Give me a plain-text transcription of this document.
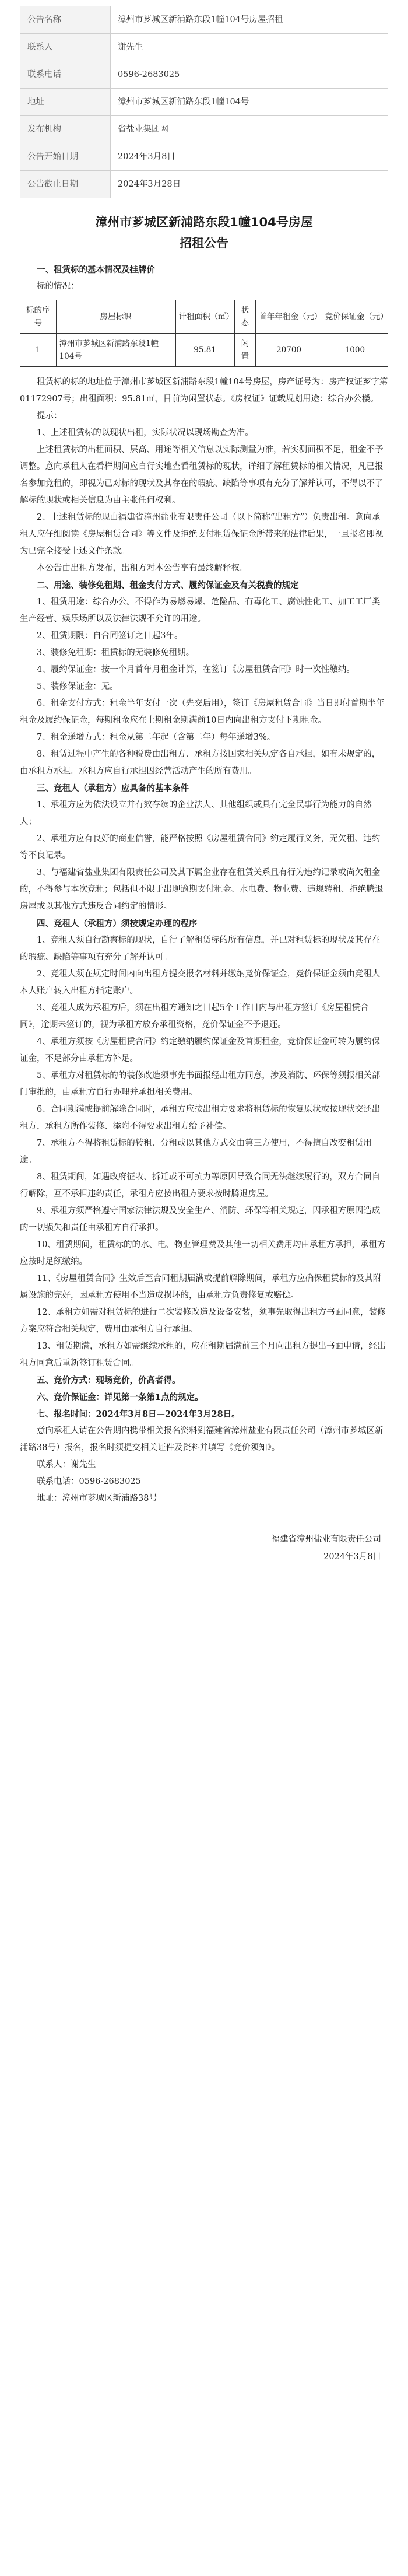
公告名称	漳州市芗城区新浦路东段1幢104号房屋招租
联系人	谢先生
联系电话	0596-2683025
地址	漳州市芗城区新浦路东段1幢104号
发布机构	省盐业集团网
公告开始日期	2024年3月8日
公告截止日期	2024年3月28日
漳州市芗城区新浦路东段1幢104号房屋
招租公告

一、租赁标的基本情况及挂牌价

标的情况：

标的序号	房屋标识	计租面积（㎡）	状态	首年年租金（元）	竞价保证金（元）
1	漳州市芗城区新浦路东段1幢104号	95.81	闲置	20700	1000

租赁标的标的地址位于漳州市芗城区新浦路东段1幢104号房屋，房产证号为：房产权证芗字第01172907号；出租面积：95.81㎡，目前为闲置状态。《房权证》证载规划用途：综合办公楼。

提示：

1、上述租赁标的以现状出租，实际状况以现场勘查为准。

上述租赁标的出租面积、层高、用途等相关信息以实际测量为准，若实测面积不足，租金不予调整。意向承租人在看样期间应自行实地查看租赁标的现状，详细了解租赁标的相关情况，凡已报名参加竞租的，即视为已对标的现状及其存在的瑕疵、缺陷等事项有充分了解并认可，不得以不了解标的现状或相关信息为由主张任何权利。

2、上述租赁标的现由福建省漳州盐业有限责任公司（以下简称“出租方”）负责出租。意向承租人应仔细阅读《房屋租赁合同》等文件及拒绝支付租赁保证金所带来的法律后果，一旦报名即视为已完全接受上述文件条款。

本公告由出租方发布，出租方对本公告享有最终解释权。

二、用途、装修免租期、租金支付方式、履约保证金及有关税费的规定

1、租赁用途：综合办公。不得作为易燃易爆、危险品、有毒化工、腐蚀性化工、加工工厂类生产经营、娱乐场所以及法律法规不允许的用途。

2、租赁期限：自合同签订之日起3年。

3、装修免租期：租赁标的无装修免租期。

4、履约保证金：按一个月首年月租金计算，在签订《房屋租赁合同》时一次性缴纳。

5、装修保证金：无。

6、租金支付方式：租金半年支付一次（先交后用），签订《房屋租赁合同》当日即付首期半年租金及履约保证金，每期租金应在上期租金期满前10日内向出租方支付下期租金。

7、租金递增方式：租金从第二年起（含第二年）每年递增3%。

8、租赁过程中产生的各种税费由出租方、承租方按国家相关规定各自承担，如有未规定的，由承租方承担。承租方应自行承担因经营活动产生的所有费用。

三、竞租人（承租方）应具备的基本条件

1、承租方应为依法设立并有效存续的企业法人、其他组织或具有完全民事行为能力的自然人；

2、承租方应有良好的商业信誉，能严格按照《房屋租赁合同》约定履行义务，无欠租、违约等不良记录。

3、与福建省盐业集团有限责任公司及其下属企业存在租赁关系且有行为违约记录或尚欠租金的，不得参与本次竞租；包括但不限于出现逾期支付租金、水电费、物业费、违规转租、拒绝腾退房屋或以其他方式违反合同约定的情形。

四、竞租人（承租方）须按规定办理的程序

1、竞租人须自行勘察标的现状，自行了解租赁标的所有信息，并已对租赁标的现状及其存在的瑕疵、缺陷等事项有充分了解并认可。

2、竞租人须在规定时间内向出租方提交报名材料并缴纳竞价保证金，竞价保证金须由竞租人本人账户转入出租方指定账户。

3、竞租人成为承租方后，须在出租方通知之日起5个工作日内与出租方签订《房屋租赁合同》，逾期未签订的，视为承租方放弃承租资格，竞价保证金不予退还。

4、承租方须按《房屋租赁合同》约定缴纳履约保证金及首期租金，竞价保证金可转为履约保证金，不足部分由承租方补足。

5、承租方对租赁标的的装修改造须事先书面报经出租方同意，涉及消防、环保等须报相关部门审批的，由承租方自行办理并承担相关费用。

6、合同期满或提前解除合同时，承租方应按出租方要求将租赁标的恢复原状或按现状交还出租方，承租方所作装修、添附不得要求出租方给予补偿。

7、承租方不得将租赁标的转租、分租或以其他方式交由第三方使用，不得擅自改变租赁用途。

8、租赁期间，如遇政府征收、拆迁或不可抗力等原因导致合同无法继续履行的，双方合同自行解除，互不承担违约责任，承租方应按出租方要求按时腾退房屋。

9、承租方须严格遵守国家法律法规及安全生产、消防、环保等相关规定，因承租方原因造成的一切损失和责任由承租方自行承担。

10、租赁期间，租赁标的的水、电、物业管理费及其他一切相关费用均由承租方承担，承租方应按时足额缴纳。

11、《房屋租赁合同》生效后至合同租期届满或提前解除期间，承租方应确保租赁标的及其附属设施的完好，因承租方使用不当造成损坏的，由承租方负责修复或赔偿。

12、承租方如需对租赁标的进行二次装修改造及设备安装，须事先取得出租方书面同意，装修方案应符合相关规定，费用由承租方自行承担。

13、租赁期满，承租方如需继续承租的，应在租期届满前三个月向出租方提出书面申请，经出租方同意后重新签订租赁合同。

五、竞价方式：现场竞价，价高者得。

六、竞价保证金：详见第一条第1点的规定。

七、报名时间：2024年3月8日—2024年3月28日。

意向承租人请在公告期内携带相关报名资料到福建省漳州盐业有限责任公司（漳州市芗城区新浦路38号）报名，报名时须提交相关证件及资料并填写《竞价须知》。

联系人：谢先生

联系电话：0596-2683025

地址：漳州市芗城区新浦路38号

福建省漳州盐业有限责任公司
2024年3月8日
